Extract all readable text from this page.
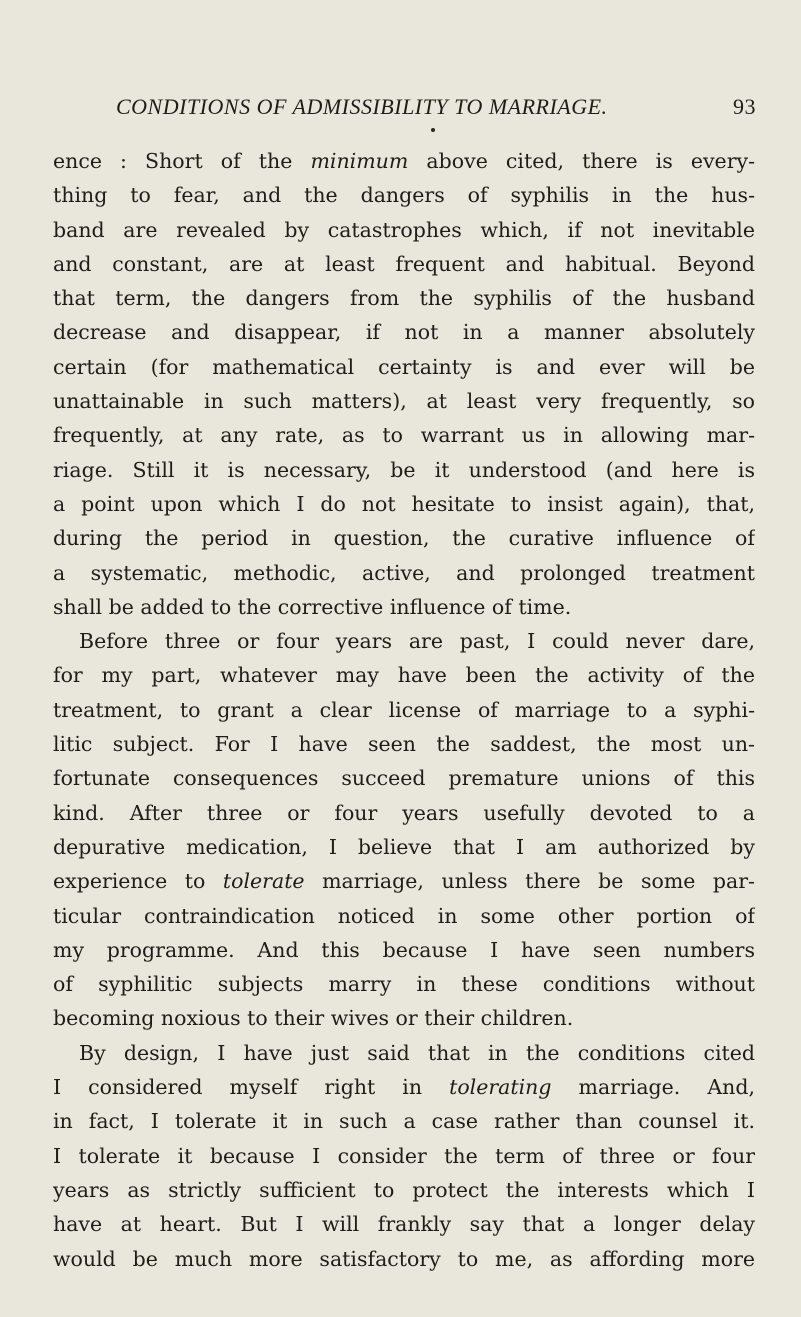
CONDITIONS OF ADMISSIBILITY TO MARRIAGE.	93
ence : Short of the minimum above cited, there is every-
thing to fear, and the dangers of syphilis in the hus-
band are revealed by catastrophes which, if not inevitable
and constant, are at least frequent and habitual. Beyond
that term, the dangers from the syphilis of the husband
decrease and disappear, if not in a manner absolutely
certain (for mathematical certainty is and ever will be
unattainable in such matters), at least very frequently, so
frequently, at any rate, as to warrant us in allowing mar-
riage. Still it is necessary, be it understood (and here is
a point upon which I do not hesitate to insist again), that,
during the period in question, the curative influence of
a systematic, methodic, active, and prolonged treatment
shall be added to the corrective influence of time.
Before three or four years are past, I could never dare,
for my part, whatever may have been the activity of the
treatment, to grant a clear license of marriage to a syphi-
litic subject. For I have seen the saddest, the most un-
fortunate consequences succeed premature unions of this
kind. After three or four years usefully devoted to a
depurative medication, I believe that I am authorized by
experience to tolerate marriage, unless there be some par-
ticular contraindication noticed in some other portion of
my programme. And this because I have seen numbers
of syphilitic subjects marry in these conditions without
becoming noxious to their wives or their children.
By design, I have just said that in the conditions cited
I considered myself right in tolerating marriage. And,
in fact, I tolerate it in such a case rather than counsel it.
I tolerate it because I consider the term of three or four
years as strictly sufficient to protect the interests which I
have at heart. But I will frankly say that a longer delay
would be much more satisfactory to me, as affording more
